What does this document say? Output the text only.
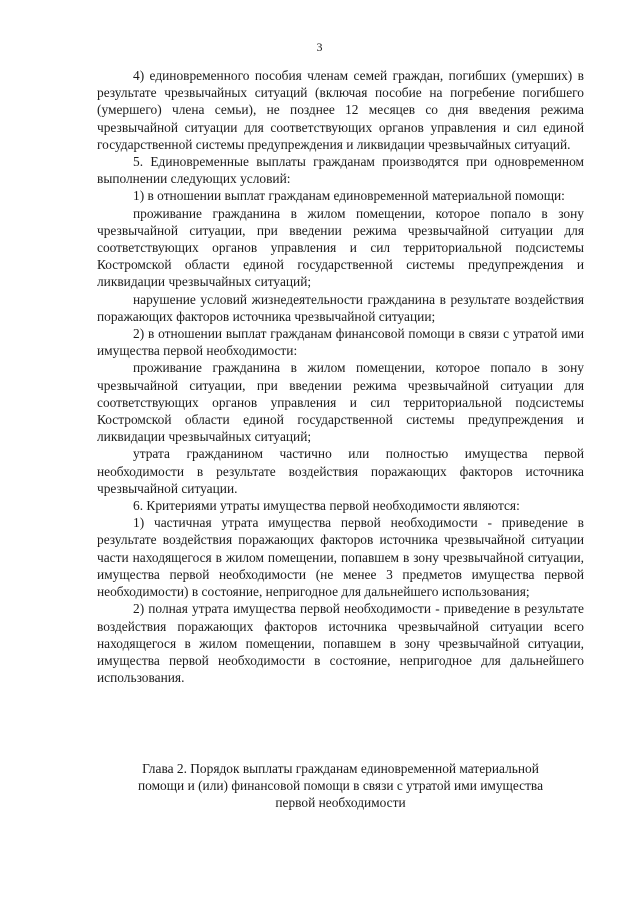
3

4) единовременного пособия членам семей граждан, погибших (умерших) в результате чрезвычайных ситуаций (включая пособие на погребение погибшего (умершего) члена семьи), не позднее 12 месяцев со дня введения режима чрезвычайной ситуации для соответствующих органов управления и сил единой государственной системы предупреждения и ликвидации чрезвычайных ситуаций.

5. Единовременные выплаты гражданам производятся при одновременном выполнении следующих условий:

1) в отношении выплат гражданам единовременной материальной помощи:

проживание гражданина в жилом помещении, которое попало в зону чрезвычайной ситуации, при введении режима чрезвычайной ситуации для соответствующих органов управления и сил территориальной подсистемы Костромской области единой государственной системы предупреждения и ликвидации чрезвычайных ситуаций;

нарушение условий жизнедеятельности гражданина в результате воздействия поражающих факторов источника чрезвычайной ситуации;

2) в отношении выплат гражданам финансовой помощи в связи с утратой ими имущества первой необходимости:

проживание гражданина в жилом помещении, которое попало в зону чрезвычайной ситуации, при введении режима чрезвычайной ситуации для соответствующих органов управления и сил территориальной подсистемы Костромской области единой государственной системы предупреждения и ликвидации чрезвычайных ситуаций;

утрата гражданином частично или полностью имущества первой необходимости в результате воздействия поражающих факторов источника чрезвычайной ситуации.

6. Критериями утраты имущества первой необходимости являются:

1) частичная утрата имущества первой необходимости - приведение в результате воздействия поражающих факторов источника чрезвычайной ситуации части находящегося в жилом помещении, попавшем в зону чрезвычайной ситуации, имущества первой необходимости (не менее 3 предметов имущества первой необходимости) в состояние, непригодное для дальнейшего использования;

2) полная утрата имущества первой необходимости - приведение в результате воздействия поражающих факторов источника чрезвычайной ситуации всего находящегося в жилом помещении, попавшем в зону чрезвычайной ситуации, имущества первой необходимости в состояние, непригодное для дальнейшего использования.

Глава 2. Порядок выплаты гражданам единовременной материальной
помощи и (или) финансовой помощи в связи с утратой ими имущества
первой необходимости
